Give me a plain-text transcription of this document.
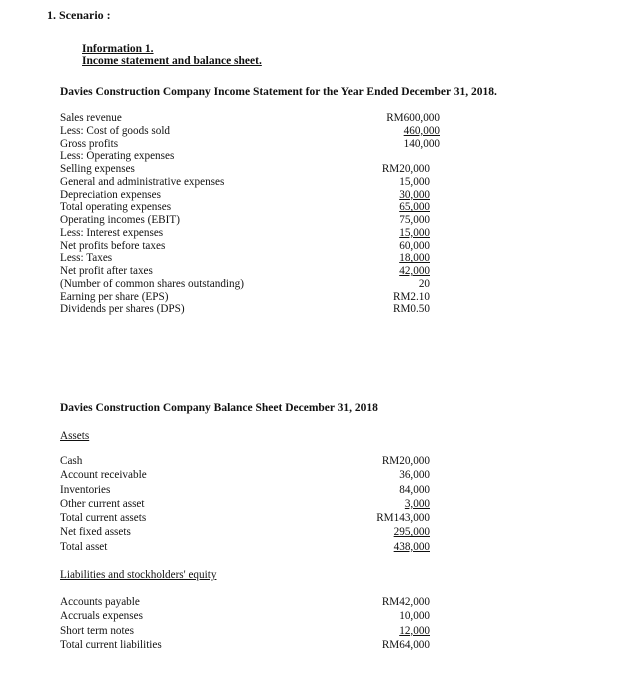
1. Scenario :
Information 1.
Income statement and balance sheet.
Davies Construction Company Income Statement for the Year Ended December 31, 2018.
Sales revenue	RM600,000
Less: Cost of goods sold	460,000
Gross profits	140,000
Less: Operating expenses
Selling expenses	RM20,000
General and administrative expenses	15,000
Depreciation expenses	30,000
Total operating expenses	65,000
Operating incomes (EBIT)	75,000
Less: Interest expenses	15,000
Net profits before taxes	60,000
Less: Taxes	18,000
Net profit after taxes	42,000
(Number of common shares outstanding)	20
Earning per share (EPS)	RM2.10
Dividends per shares (DPS)	RM0.50
Davies Construction Company Balance Sheet December 31, 2018
Assets
Cash	RM20,000
Account receivable	36,000
Inventories	84,000
Other current asset	3,000
Total current assets	RM143,000
Net fixed assets	295,000
Total asset	438,000
Liabilities and stockholders' equity
Accounts payable	RM42,000
Accruals expenses	10,000
Short term notes	12,000
Total current liabilities	RM64,000
